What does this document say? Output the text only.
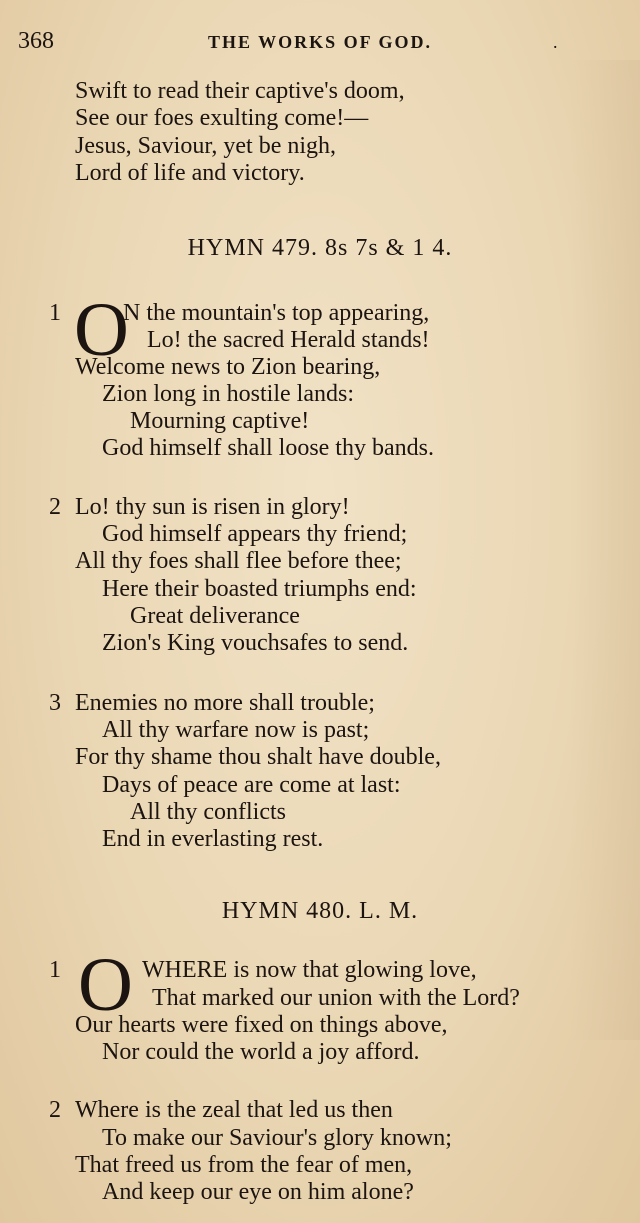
368	THE WORKS OF GOD.	.
Swift to read their captive's doom,
See our foes exulting come!—
Jesus, Saviour, yet be nigh,
Lord of life and victory.
HYMN 479. 8s 7s & 1 4.
1 O
N the mountain's top appearing,
Lo! the sacred Herald stands!
Welcome news to Zion bearing,
Zion long in hostile lands:
Mourning captive!
God himself shall loose thy bands.
2 Lo! thy sun is risen in glory!
God himself appears thy friend;
All thy foes shall flee before thee;
Here their boasted triumphs end:
Great deliverance
Zion's King vouchsafes to send.
3 Enemies no more shall trouble;
All thy warfare now is past;
For thy shame thou shalt have double,
Days of peace are come at last:
All thy conflicts
End in everlasting rest.
HYMN 480. L. M.
1 O WHERE is now that glowing love,
That marked our union with the Lord?
Our hearts were fixed on things above,
Nor could the world a joy afford.
2 Where is the zeal that led us then
To make our Saviour's glory known;
That freed us from the fear of men,
And keep our eye on him alone?
